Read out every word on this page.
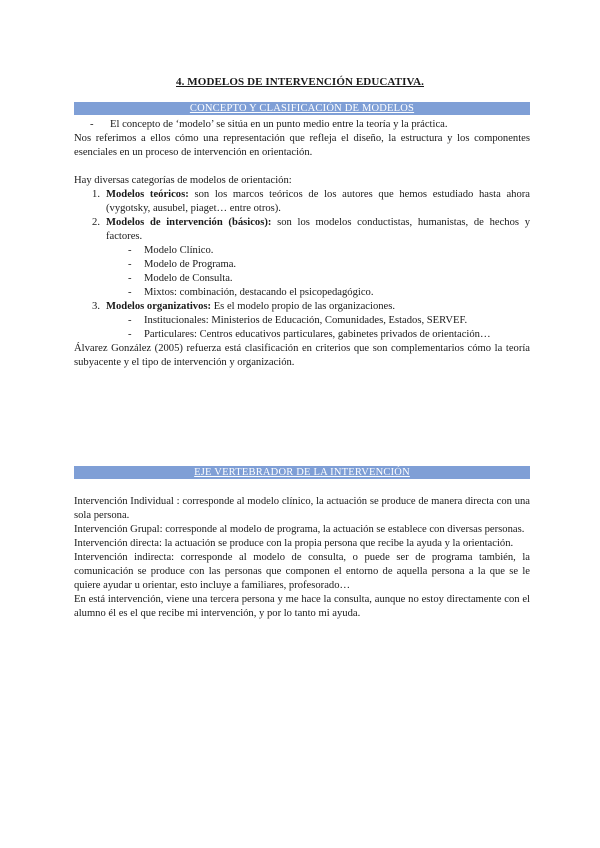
4. MODELOS DE INTERVENCIÓN EDUCATIVA.
CONCEPTO Y CLASIFICACIÓN DE MODELOS
-	El concepto de ‘modelo’ se sitúa en un punto medio entre la teoría y la práctica.

Nos referimos a ellos cómo una representación que refleja el diseño, la estructura y los componentes esenciales en un proceso de intervención en orientación.

Hay diversas categorías de modelos de orientación:

1. Modelos teóricos: son los marcos teóricos de los autores que hemos estudiado hasta ahora (vygotsky, ausubel, piaget… entre otros).
2. Modelos de intervención (básicos): son los modelos conductistas, humanistas, de hechos y factores.
-	Modelo Clínico.
-	Modelo de Programa.
-	Modelo de Consulta.
-	Mixtos: combinación, destacando el psicopedagógico.
3. Modelos organizativos: Es el modelo propio de las organizaciones.
-	Institucionales: Ministerios de Educación, Comunidades, Estados, SERVEF.
-	Particulares: Centros educativos particulares, gabinetes privados de orientación…

Álvarez González (2005) refuerza está clasificación en criterios que son complementarios cómo la teoría subyacente y el tipo de intervención y organización.

EJE VERTEBRADOR DE LA INTERVENCIÓN

Intervención Individual : corresponde al modelo clínico, la actuación se produce de manera directa con una sola persona.

Intervención Grupal: corresponde al modelo de programa, la actuación se establece con diversas personas.

Intervención directa: la actuación se produce con la propia persona que recibe la ayuda y la orientación.

Intervención indirecta: corresponde al modelo de consulta, o puede ser de programa también, la comunicación se produce con las personas que componen el entorno de aquella persona a la que se le quiere ayudar u orientar, esto incluye a familiares, profesorado…

En está intervención, viene una tercera persona y me hace la consulta, aunque no estoy directamente con el alumno él es el que recibe mi intervención, y por lo tanto mi ayuda.
